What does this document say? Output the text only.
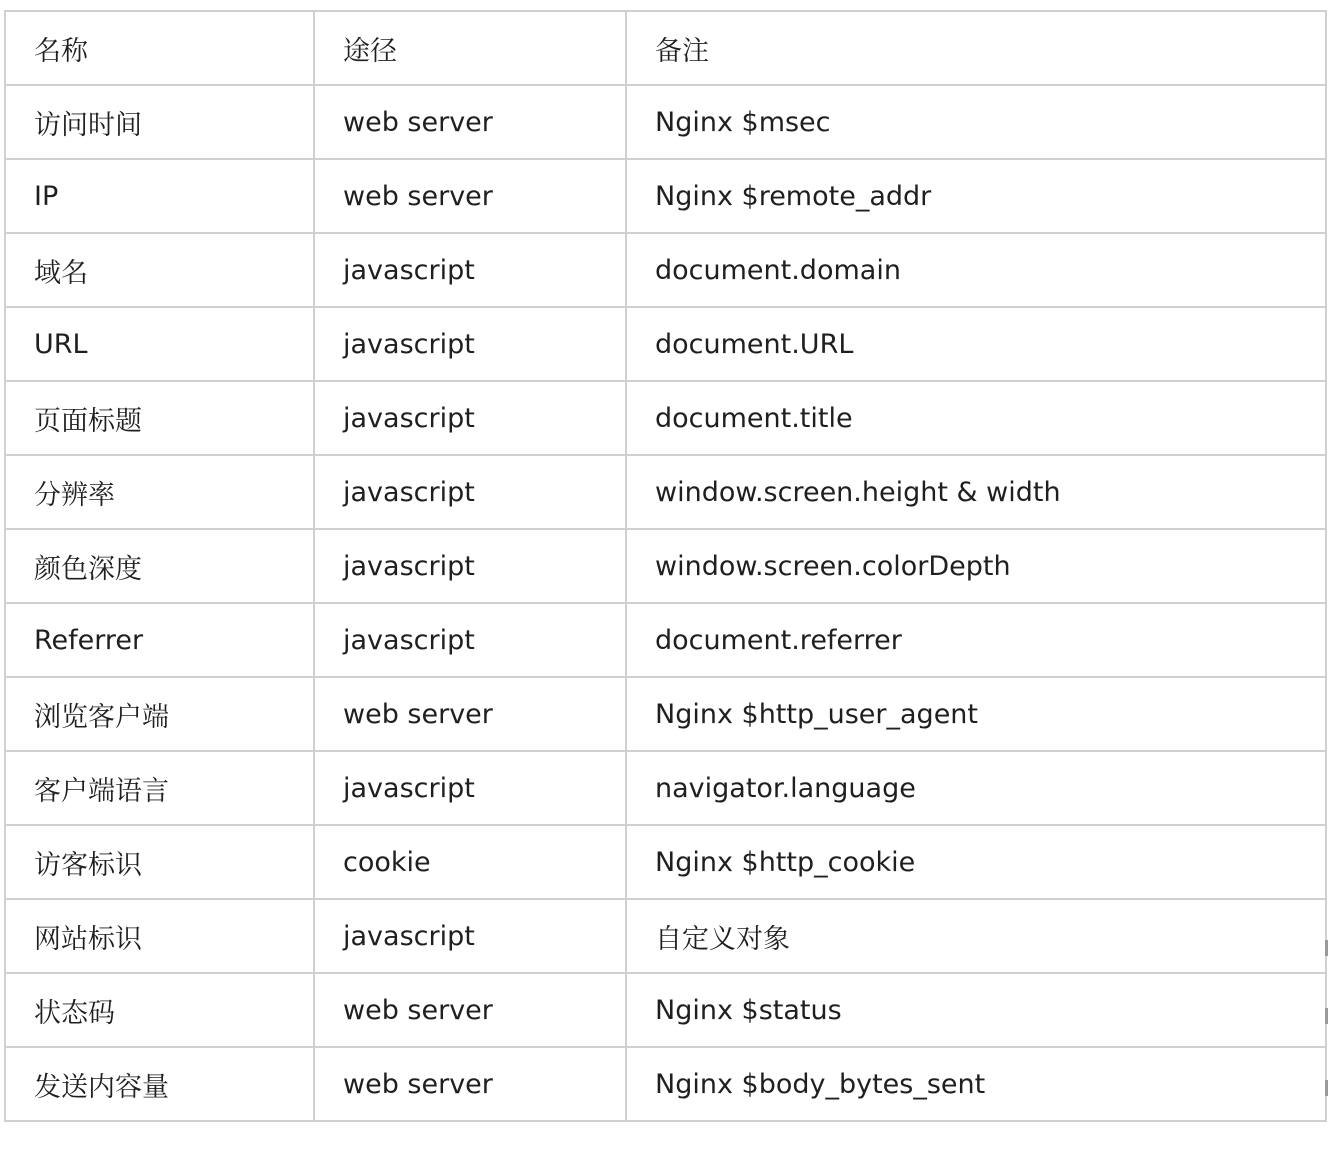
名称	途径	备注
访问时间	web server	Nginx $msec
IP	web server	Nginx $remote_addr
域名	javascript	document.domain
URL	javascript	document.URL
页面标题	javascript	document.title
分辨率	javascript	window.screen.height & width
颜色深度	javascript	window.screen.colorDepth
Referrer	javascript	document.referrer
浏览客户端	web server	Nginx $http_user_agent
客户端语言	javascript	navigator.language
访客标识	cookie	Nginx $http_cookie
网站标识	javascript	自定义对象
状态码	web server	Nginx $status
发送内容量	web server	Nginx $body_bytes_sent
